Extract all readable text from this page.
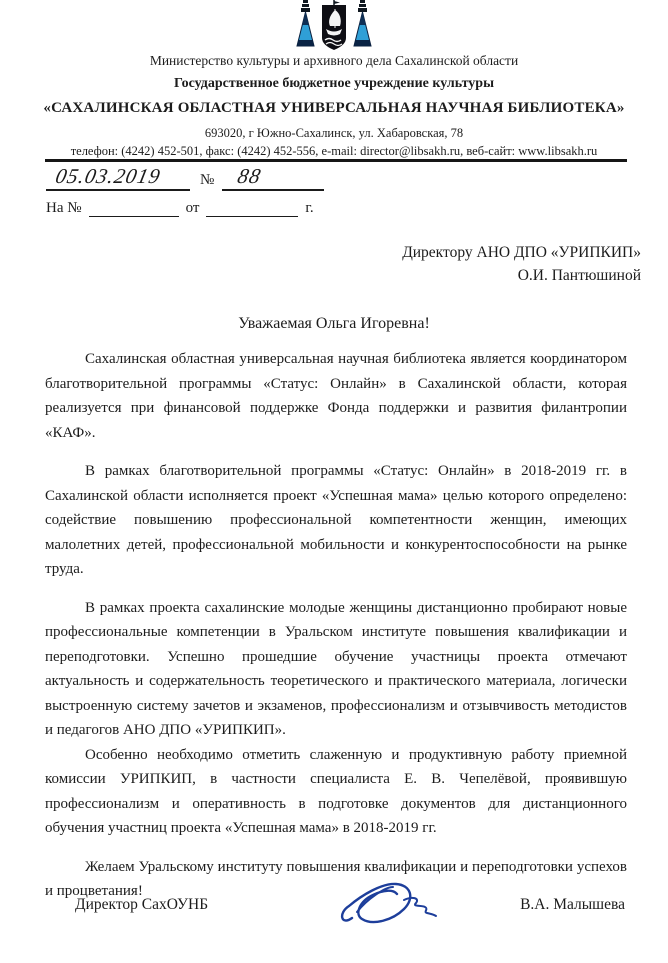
Министерство культуры и архивного дела Сахалинской области
Государственное бюджетное учреждение культуры
«САХАЛИНСКАЯ ОБЛАСТНАЯ УНИВЕРСАЛЬНАЯ НАУЧНАЯ БИБЛИОТЕКА»
693020, г Южно-Сахалинск, ул. Хабаровская, 78
телефон: (4242) 452-501, факс: (4242) 452-556, e-mail: director@libsakh.ru, веб-сайт: www.libsakh.ru
05.03.2019	№	88
На №	от	г.
Директору АНО ДПО «УРИПКИП»
О.И. Пантюшиной
Уважаемая Ольга Игоревна!

Сахалинская областная универсальная научная библиотека является координатором благотворительной программы «Статус: Онлайн» в Сахалинской области, которая реализуется при финансовой поддержке Фонда поддержки и развития филантропии «КАФ».

В рамках благотворительной программы «Статус: Онлайн» в 2018-2019 гг. в Сахалинской области исполняется проект «Успешная мама» целью которого определено: содействие повышению профессиональной компетентности женщин, имеющих малолетних детей, профессиональной мобильности и конкурентоспособности на рынке труда.

В рамках проекта сахалинские молодые женщины дистанционно пробирают новые профессиональные компетенции в Уральском институте повышения квалификации и переподготовки. Успешно прошедшие обучение участницы проекта отмечают актуальность и содержательность теоретического и практического материала, логически выстроенную систему зачетов и экзаменов, профессионализм и отзывчивость методистов и педагогов АНО ДПО «УРИПКИП».

Особенно необходимо отметить слаженную и продуктивную работу приемной комиссии УРИПКИП, в частности специалиста Е. В. Чепелёвой, проявившую профессионализм и оперативность в подготовке документов для дистанционного обучения участниц проекта «Успешная мама» в 2018-2019 гг.

Желаем Уральскому институту повышения квалификации и переподготовки успехов и процветания!

Директор СахОУНБ	В.А. Малышева
